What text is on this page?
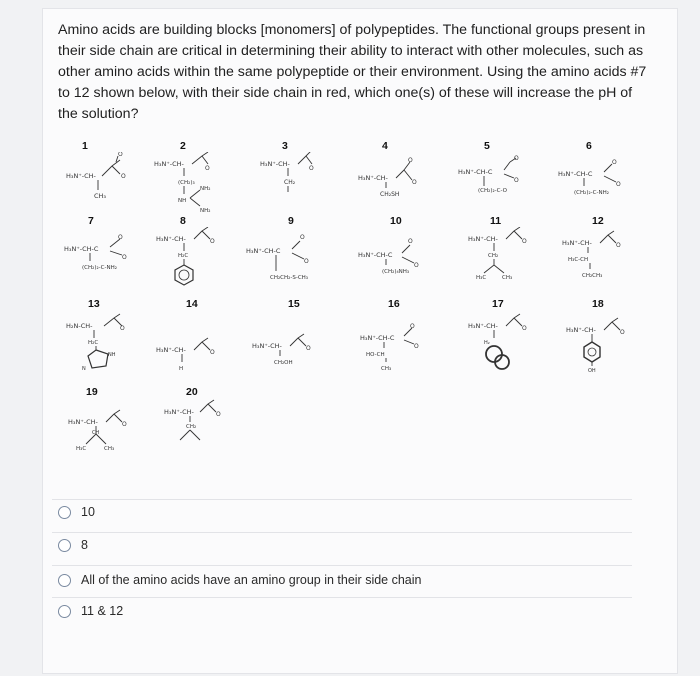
Amino acids are building blocks [monomers] of polypeptides. The functional groups present in their side chain are critical in determining their ability to interact with other molecules, such as other amino acids within the same polypeptide or their environment. Using the amino acids #7 to 12 shown below, with their side chain in red, which one(s) of these will increase the pH of the solution?
1
H₃N⁺-CH-
O
O
CH₃
2
H₃N⁺-CH-
O
(CH₂)₃
NH
NH₂
NH₂
3
H₃N⁺-CH-
O
CH₂
4
H₃N⁺-CH-
O
O
CH₂SH
5
H₃N⁺-CH-C
O
O
(CH₂)₂-C-O
6
H₃N⁺-CH-C
O
O
(CH₂)₂-C-NH₂
7
H₃N⁺-CH-C
O
O
(CH₂)₂-C-NH₂
8
H₃N⁺-CH-	O
H₂C
9
H₃N⁺-CH-C
O
O
CH₂CH₂-S-CH₃
10
H₃N⁺-CH-C
O
O
(CH₂)₄NH₃
11
H₃N⁺-CH-	O
CH₂
H₃C	CH₃
12
H₃N⁺-CH-	O
H₃C-CH
CH₂CH₃
13
H₂N-CH-	O
H₂C
NH
N
14
H₃N⁺-CH-	O
H
15
H₃N⁺-CH-	O
CH₂OH
16
H₃N⁺-CH-C
O
O
HO-CH
CH₃
17
H₃N⁺-CH-	O
H₂
18
H₃N⁺-CH-	O
OH
19
H₃N⁺-CH-	O
CH
H₃C	CH₃
20
H₃N⁺-CH-	O
CH₂
10
8
All of the amino acids have an amino group in their side chain
11 & 12
